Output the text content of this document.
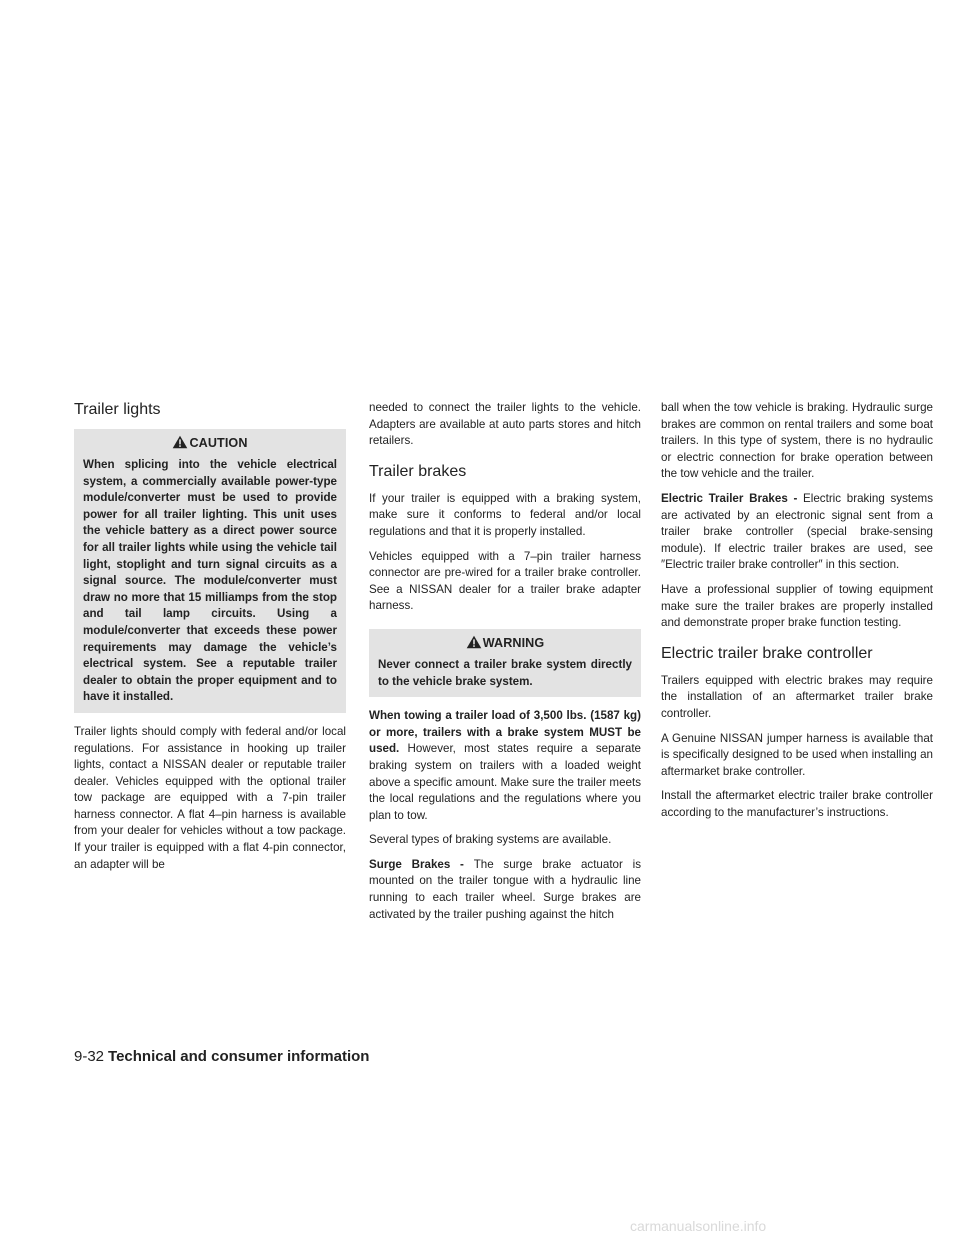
Trailer lights
CAUTION

When splicing into the vehicle electrical system, a commercially available power-type module/converter must be used to provide power for all trailer lighting. This unit uses the vehicle battery as a direct power source for all trailer lights while using the vehicle tail light, stoplight and turn signal circuits as a signal source. The module/converter must draw no more that 15 milliamps from the stop and tail lamp circuits. Using a module/converter that exceeds these power requirements may damage the vehicle’s electrical system. See a reputable trailer dealer to obtain the proper equipment and to have it installed.

Trailer lights should comply with federal and/or local regulations. For assistance in hooking up trailer lights, contact a NISSAN dealer or reputable trailer dealer. Vehicles equipped with the optional trailer tow package are equipped with a 7-pin trailer harness connector. A flat 4–pin harness is available from your dealer for vehicles without a tow package. If your trailer is equipped with a flat 4-pin connector, an adapter will be

needed to connect the trailer lights to the vehicle. Adapters are available at auto parts stores and hitch retailers.

Trailer brakes

If your trailer is equipped with a braking system, make sure it conforms to federal and/or local regulations and that it is properly installed.

Vehicles equipped with a 7–pin trailer harness connector are pre-wired for a trailer brake controller. See a NISSAN dealer for a trailer brake adapter harness.

WARNING

Never connect a trailer brake system directly to the vehicle brake system.

When towing a trailer load of 3,500 lbs. (1587 kg) or more, trailers with a brake system MUST be used. However, most states require a separate braking system on trailers with a loaded weight above a specific amount. Make sure the trailer meets the local regulations and the regulations where you plan to tow.

Several types of braking systems are available.

Surge Brakes - The surge brake actuator is mounted on the trailer tongue with a hydraulic line running to each trailer wheel. Surge brakes are activated by the trailer pushing against the hitch

ball when the tow vehicle is braking. Hydraulic surge brakes are common on rental trailers and some boat trailers. In this type of system, there is no hydraulic or electric connection for brake operation between the tow vehicle and the trailer.

Electric Trailer Brakes - Electric braking systems are activated by an electronic signal sent from a trailer brake controller (special brake-sensing module). If electric trailer brakes are used, see ″Electric trailer brake controller″ in this section.

Have a professional supplier of towing equipment make sure the trailer brakes are properly installed and demonstrate proper brake function testing.

Electric trailer brake controller

Trailers equipped with electric brakes may require the installation of an aftermarket trailer brake controller.

A Genuine NISSAN jumper harness is available that is specifically designed to be used when installing an aftermarket brake controller.

Install the aftermarket electric trailer brake controller according to the manufacturer’s instructions.

9-32 Technical and consumer information
carmanualsonline.info
